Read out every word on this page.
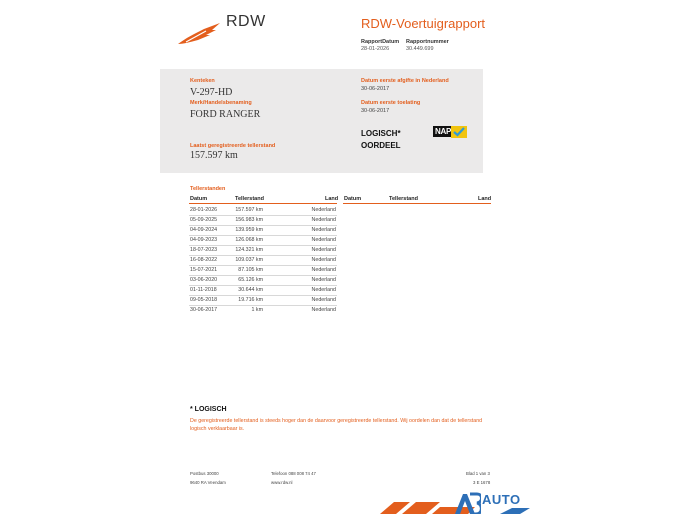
RDW	RDW-Voertuigrapport
RapportDatum
28-01-2026
Rapportnummer
30.449.699
Kenteken
V-297-HD
Merk/Handelsbenaming
FORD RANGER
Laatst geregistreerde tellerstand
157.597 km
Datum eerste afgifte in Nederland
30-06-2017
Datum eerste toelating
30-06-2017
LOGISCH*
OORDEEL
NAP
Tellerstanden
Datum	Tellerstand	Land Datum	Tellerstand	Land
28-01-2026	157.597 km	Nederland
05-09-2025	156.983 km	Nederland
04-09-2024	139.959 km	Nederland
04-09-2023	126.068 km	Nederland
18-07-2023	124.321 km	Nederland
16-08-2022	109.037 km	Nederland
15-07-2021	87.105 km	Nederland
03-06-2020	65.126 km	Nederland
01-11-2018	30.644 km	Nederland
09-05-2018	19.716 km	Nederland
30-06-2017	1 km	Nederland
* LOGISCH
De geregistreerde tellerstand is steeds hoger dan de daarvoor geregistreerde tellerstand. Wij oordelen dan dat de tellerstand logisch verklaarbaar is.
Postbus 30000
9640 RA Veendam
Telefoon 088 008 74 47
www.rdw.nl
Blad 1 van 3
3 E 1678
AUTO
